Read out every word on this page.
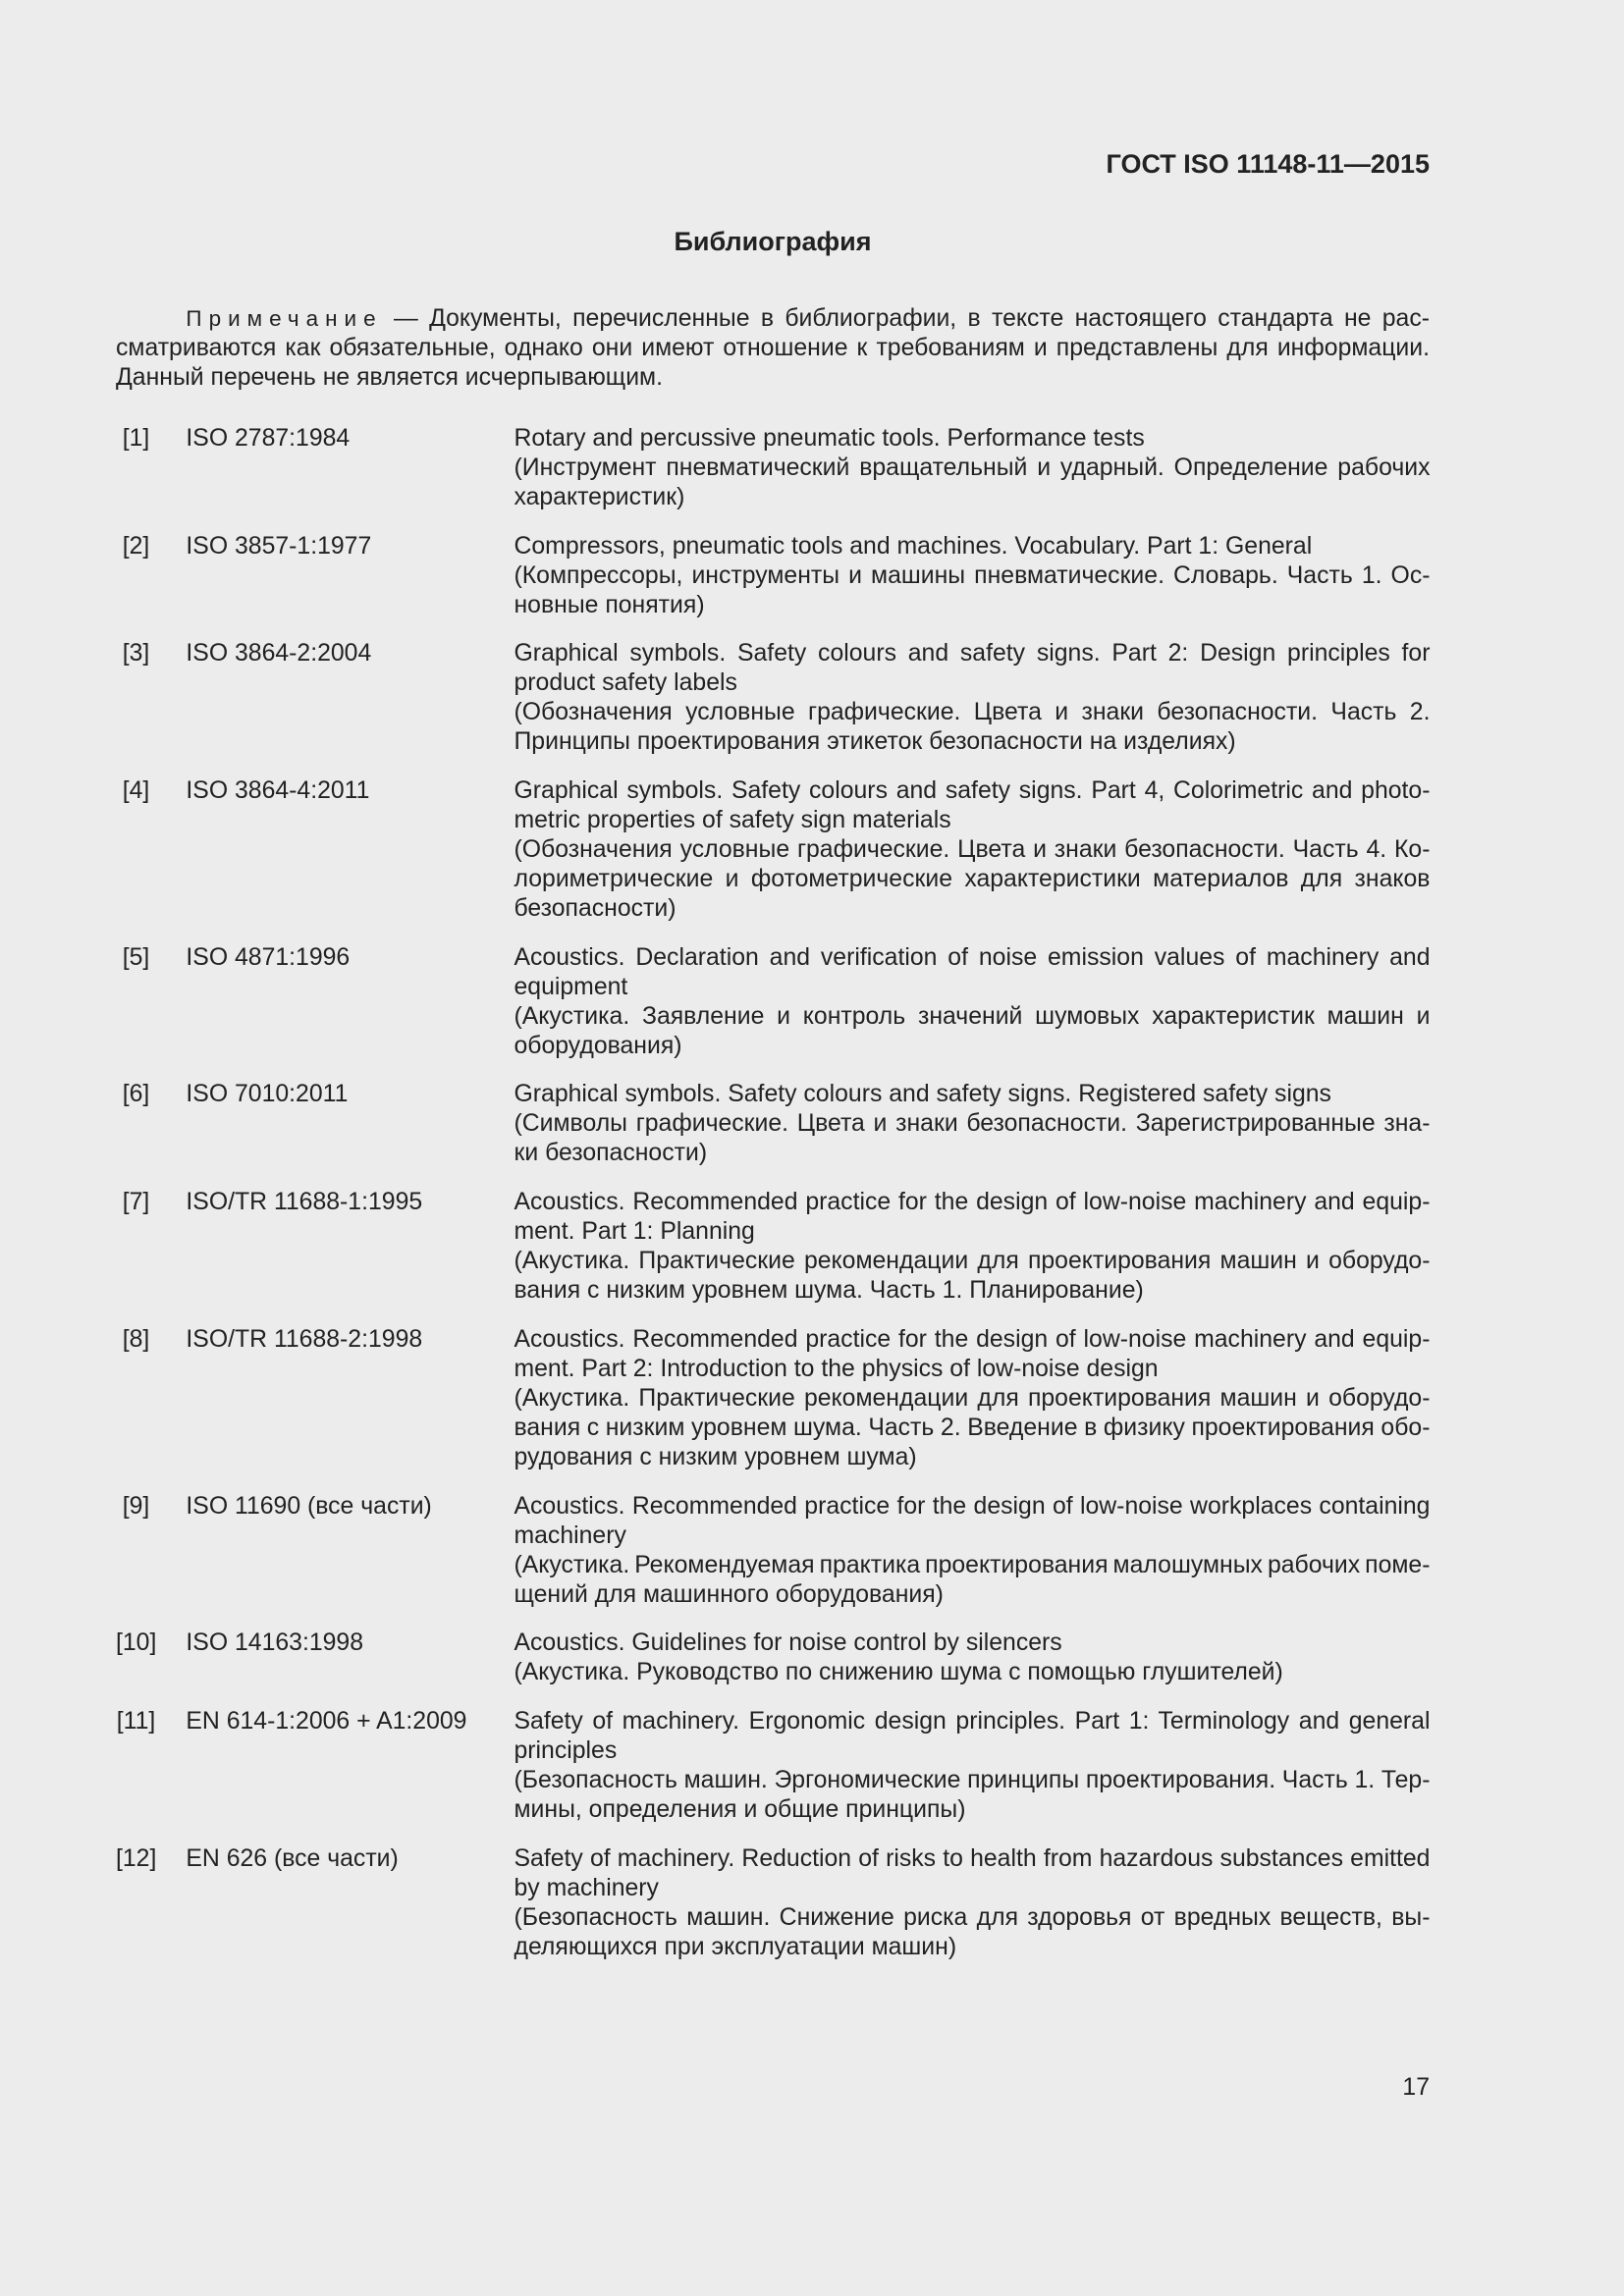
ГОСТ ISO 11148-11—2015
Библиография
Примечание — Документы, перечисленные в библиографии, в тексте настоящего стандарта не рас-
сматриваются как обязательные, однако они имеют отношение к требованиям и представлены для информации.
Данный перечень не является исчерпывающим.
[1] ISO 2787:1984	Rotary and percussive pneumatic tools. Performance tests
(Инструмент пневматический вращательный и ударный. Определение рабочих
характеристик)
[2] ISO 3857-1:1977	Compressors, pneumatic tools and machines. Vocabulary. Part 1: General
(Компрессоры, инструменты и машины пневматические. Словарь. Часть 1. Ос-
новные понятия)
[3] ISO 3864-2:2004	Graphical symbols. Safety colours and safety signs. Part 2: Design principles for
product safety labels
(Обозначения условные графические. Цвета и знаки безопасности. Часть 2.
Принципы проектирования этикеток безопасности на изделиях)
[4] ISO 3864-4:2011	Graphical symbols. Safety colours and safety signs. Part 4, Colorimetric and photo-
metric properties of safety sign materials
(Обозначения условные графические. Цвета и знаки безопасности. Часть 4. Ко-
лориметрические и фотометрические характеристики материалов для знаков
безопасности)
[5] ISO 4871:1996	Acoustics. Declaration and verification of noise emission values of machinery and
equipment
(Акустика. Заявление и контроль значений шумовых характеристик машин и
оборудования)
[6] ISO 7010:2011	Graphical symbols. Safety colours and safety signs. Registered safety signs
(Символы графические. Цвета и знаки безопасности. Зарегистрированные зна-
ки безопасности)
[7] ISO/TR 11688-1:1995	Acoustics. Recommended practice for the design of low-noise machinery and equip-
ment. Part 1: Planning
(Акустика. Практические рекомендации для проектирования машин и оборудо-
вания с низким уровнем шума. Часть 1. Планирование)
[8] ISO/TR 11688-2:1998	Acoustics. Recommended practice for the design of low-noise machinery and equip-
ment. Part 2: Introduction to the physics of low-noise design
(Акустика. Практические рекомендации для проектирования машин и оборудо-
вания с низким уровнем шума. Часть 2. Введение в физику проектирования обо-
рудования с низким уровнем шума)
[9] ISO 11690 (все части)	Acoustics. Recommended practice for the design of low-noise workplaces containing
machinery
(Акустика. Рекомендуемая практика проектирования малошумных рабочих поме-
щений для машинного оборудования)
[10] ISO 14163:1998	Acoustics. Guidelines for noise control by silencers
(Акустика. Руководство по снижению шума с помощью глушителей)
[11] EN 614-1:2006 + A1:2009	Safety of machinery. Ergonomic design principles. Part 1: Terminology and general
principles
(Безопасность машин. Эргономические принципы проектирования. Часть 1. Тер-
мины, определения и общие принципы)
[12] EN 626 (все части)	Safety of machinery. Reduction of risks to health from hazardous substances emitted
by machinery
(Безопасность машин. Снижение риска для здоровья от вредных веществ, вы-
деляющихся при эксплуатации машин)
17
